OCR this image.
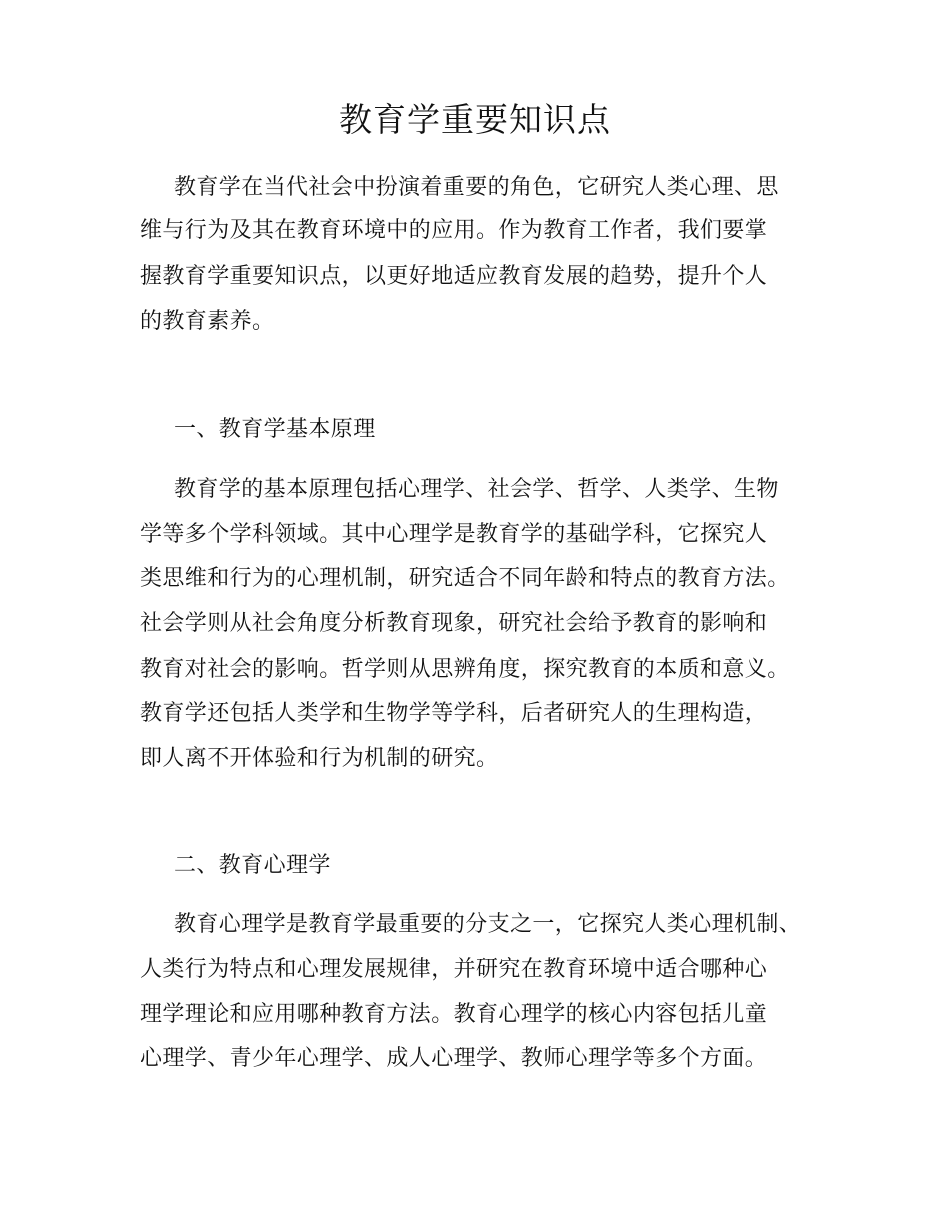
教育学重要知识点
教育学在当代社会中扮演着重要的角色，它研究人类心理、思
维与行为及其在教育环境中的应用。作为教育工作者，我们要掌
握教育学重要知识点，以更好地适应教育发展的趋势，提升个人
的教育素养。
一、教育学基本原理
教育学的基本原理包括心理学、社会学、哲学、人类学、生物
学等多个学科领域。其中心理学是教育学的基础学科，它探究人
类思维和行为的心理机制，研究适合不同年龄和特点的教育方法。
社会学则从社会角度分析教育现象，研究社会给予教育的影响和
教育对社会的影响。哲学则从思辨角度，探究教育的本质和意义。
教育学还包括人类学和生物学等学科，后者研究人的生理构造，
即人离不开体验和行为机制的研究。
二、教育心理学
教育心理学是教育学最重要的分支之一，它探究人类心理机制、
人类行为特点和心理发展规律，并研究在教育环境中适合哪种心
理学理论和应用哪种教育方法。教育心理学的核心内容包括儿童
心理学、青少年心理学、成人心理学、教师心理学等多个方面。
